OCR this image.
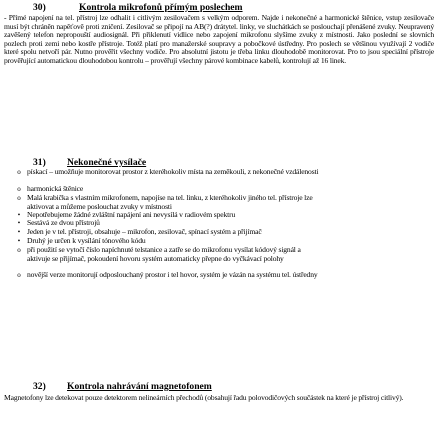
30)	Kontrola mikrofonů přímým poslechem
- Přímé napojení na tel. přístroj lze odhalit i citlivým zesilovačem s velkým odporem. Najde i nekonečné a harmonické štěnice, vstup zesilovače musí být chráněn napěťově proti zničení. Zesilovač se připojí na AB(?) drátytel. linky, ve sluchátkách se poslouchají přenášené zvuky. Neupravený zavěšený telefon nepropouští audiosignál. Při přiklenutí vidlice nebo zapojení mikrofonu slyšíme zvuky z místnosti. Jako poslední se slovních pozlech proti zemi nebo kostře přístroje. Totéž platí pro manažerské soupravy a pobočkové ústředny. Pro poslech se většinou využívají 2 vodiče které spolu netvoří pár. Nutno prověřit všechny vodiče. Pro absolutní jistotu je třeba linku dlouhodobě monitorovat. Pro to jsou speciální přístroje prověřující automatickou dlouhodobou kontrolu – prověřují všechny párové kombinace kabelů, kontrolují až 16 linek.
31) Nekonečné vysílače
o pískací – umožňuje monitorovat prostor z kteréhokoliv místa na zeměkouli, z nekonečné vzdálenosti
o harmonická štěnice
o Malá krabička s vlastním mikrofonem, napojíse na tel. linku, z kteréhokoliv jiného tel. přístroje lze aktivovat a můžeme poslouchat zvuky v místnosti
• Nepotřebujeme žádné zvláštní napájení ani nevysílá v radiovém spektru
• Sestává ze dvou přístrojů
• Jeden je v tel. přístroji, obsahuje – mikrofon, zesilovač, spínací systém a přijímač
• Druhý je určen k vysílání tónového kódu
o při použití se vytočí číslo napíchnuté telstanice a zatře se do mikrofonu vysílat kódový signál a aktivuje se přijímač, pokoudení hovoru systém automaticky přepne do vyčkávací polohy
o novější verze monitorují odposlouchaný prostor i tel hovor, systém je vázán na systému tel. ústředny
32) Kontrola nahrávání magnetofonem
Magnetofony lze detekovat pouze detektorem nelineárních přechodů (obsahují řadu polovodičových součástek na které je přístroj citlivý).
